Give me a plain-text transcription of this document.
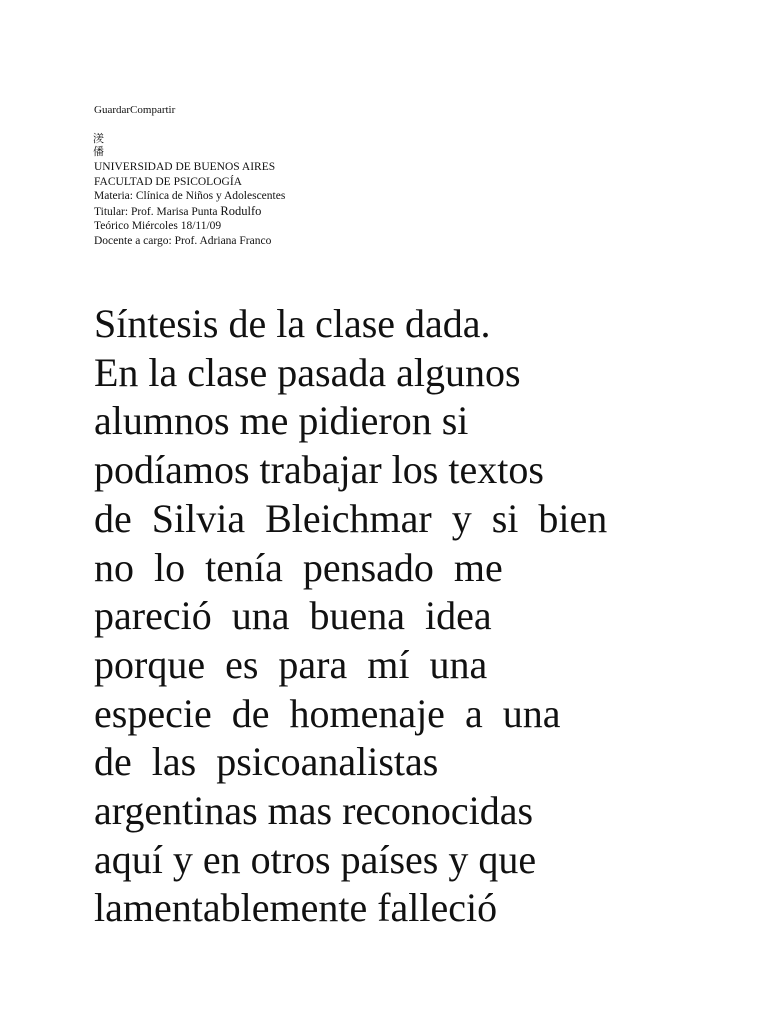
GuardarCompartir
湵
僠
UNIVERSIDAD DE BUENOS AIRES
FACULTAD DE PSICOLOGÍA
Materia: Clínica de Niños y Adolescentes
Titular: Prof. Marisa Punta Rodulfo
Teórico Miércoles 18/11/09
Docente a cargo: Prof. Adriana Franco
Síntesis de la clase dada.
En la clase pasada algunos
alumnos me pidieron si
podíamos trabajar los textos
de Silvia Bleichmar y si bien
no lo tenía pensado me
pareció una buena idea
porque es para mí una
especie de homenaje a una
de las psicoanalistas
argentinas mas reconocidas
aquí y en otros países y que
lamentablemente falleció
